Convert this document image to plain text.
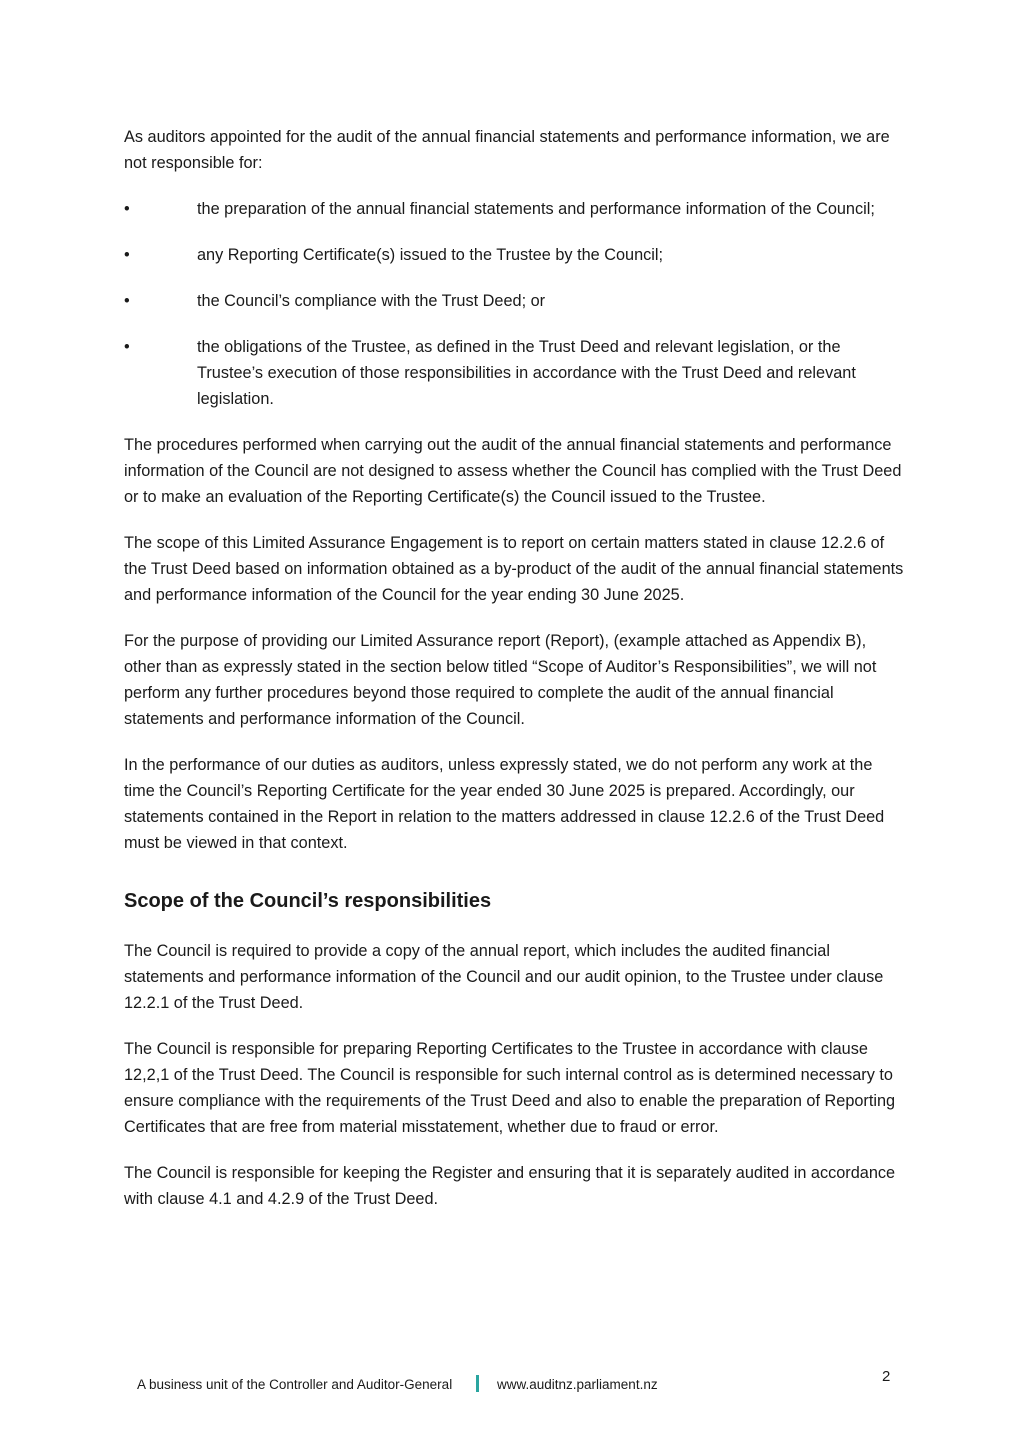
As auditors appointed for the audit of the annual financial statements and performance information, we are not responsible for:

•	the preparation of the annual financial statements and performance information of the Council;
•	any Reporting Certificate(s) issued to the Trustee by the Council;
•	the Council’s compliance with the Trust Deed; or
•	the obligations of the Trustee, as defined in the Trust Deed and relevant legislation, or the Trustee’s execution of those responsibilities in accordance with the Trust Deed and relevant legislation.

The procedures performed when carrying out the audit of the annual financial statements and performance information of the Council are not designed to assess whether the Council has complied with the Trust Deed or to make an evaluation of the Reporting Certificate(s) the Council issued to the Trustee.

The scope of this Limited Assurance Engagement is to report on certain matters stated in clause 12.2.6 of the Trust Deed based on information obtained as a by-product of the audit of the annual financial statements and performance information of the Council for the year ending 30 June 2025.

For the purpose of providing our Limited Assurance report (Report), (example attached as Appendix B), other than as expressly stated in the section below titled “Scope of Auditor’s Responsibilities”, we will not perform any further procedures beyond those required to complete the audit of the annual financial statements and performance information of the Council.

In the performance of our duties as auditors, unless expressly stated, we do not perform any work at the time the Council’s Reporting Certificate for the year ended 30 June 2025 is prepared. Accordingly, our statements contained in the Report in relation to the matters addressed in clause 12.2.6 of the Trust Deed must be viewed in that context.

Scope of the Council’s responsibilities

The Council is required to provide a copy of the annual report, which includes the audited financial statements and performance information of the Council and our audit opinion, to the Trustee under clause 12.2.1 of the Trust Deed.

The Council is responsible for preparing Reporting Certificates to the Trustee in accordance with clause 12,2,1 of the Trust Deed. The Council is responsible for such internal control as is determined necessary to ensure compliance with the requirements of the Trust Deed and also to enable the preparation of Reporting Certificates that are free from material misstatement, whether due to fraud or error.

The Council is responsible for keeping the Register and ensuring that it is separately audited in accordance with clause 4.1 and 4.2.9 of the Trust Deed.

A business unit of the Controller and Auditor-General	www.auditnz.parliament.nz	2
